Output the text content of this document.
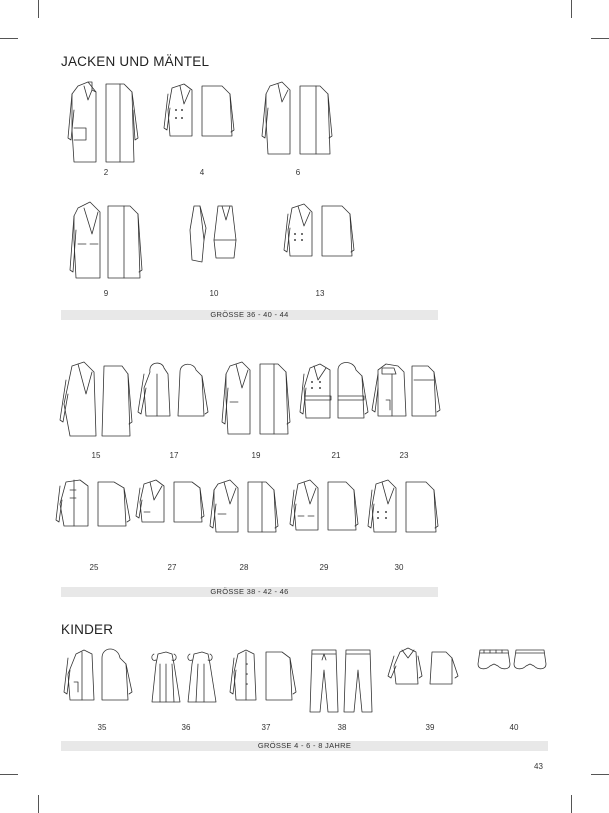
JACKEN UND MÄNTEL
2	4	6
9	10	13
GRÖSSE 36 - 40 - 44
15	17	19	21	23
25	27	28	29	30
GRÖSSE 38 - 42 - 46
KINDER
35	36	37	38	39	40
GRÖSSE 4 - 6 - 8 JAHRE
43
